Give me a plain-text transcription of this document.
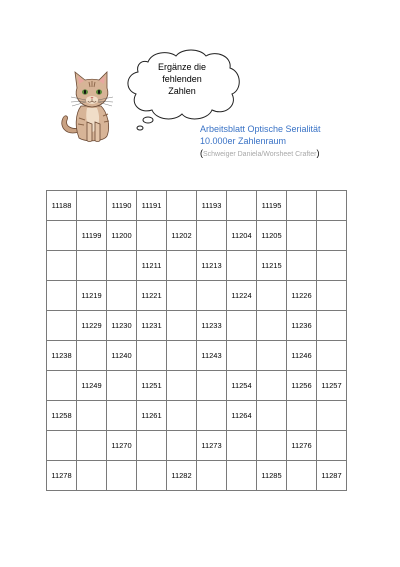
Ergänze die
fehlenden
Zahlen
Arbeitsblatt Optische Serialität
10.000er Zahlenraum
(Schweiger Daniela/Worsheet Crafter)
11188		11190	11191		11193		11195		
	11199	11200		11202		11204	11205		
			11211		11213		11215		
	11219		11221			11224		11226	
	11229	11230	11231		11233			11236	
11238		11240			11243			11246	
	11249		11251			11254		11256	11257
11258			11261			11264			
		11270			11273			11276	
11278				11282			11285		11287
